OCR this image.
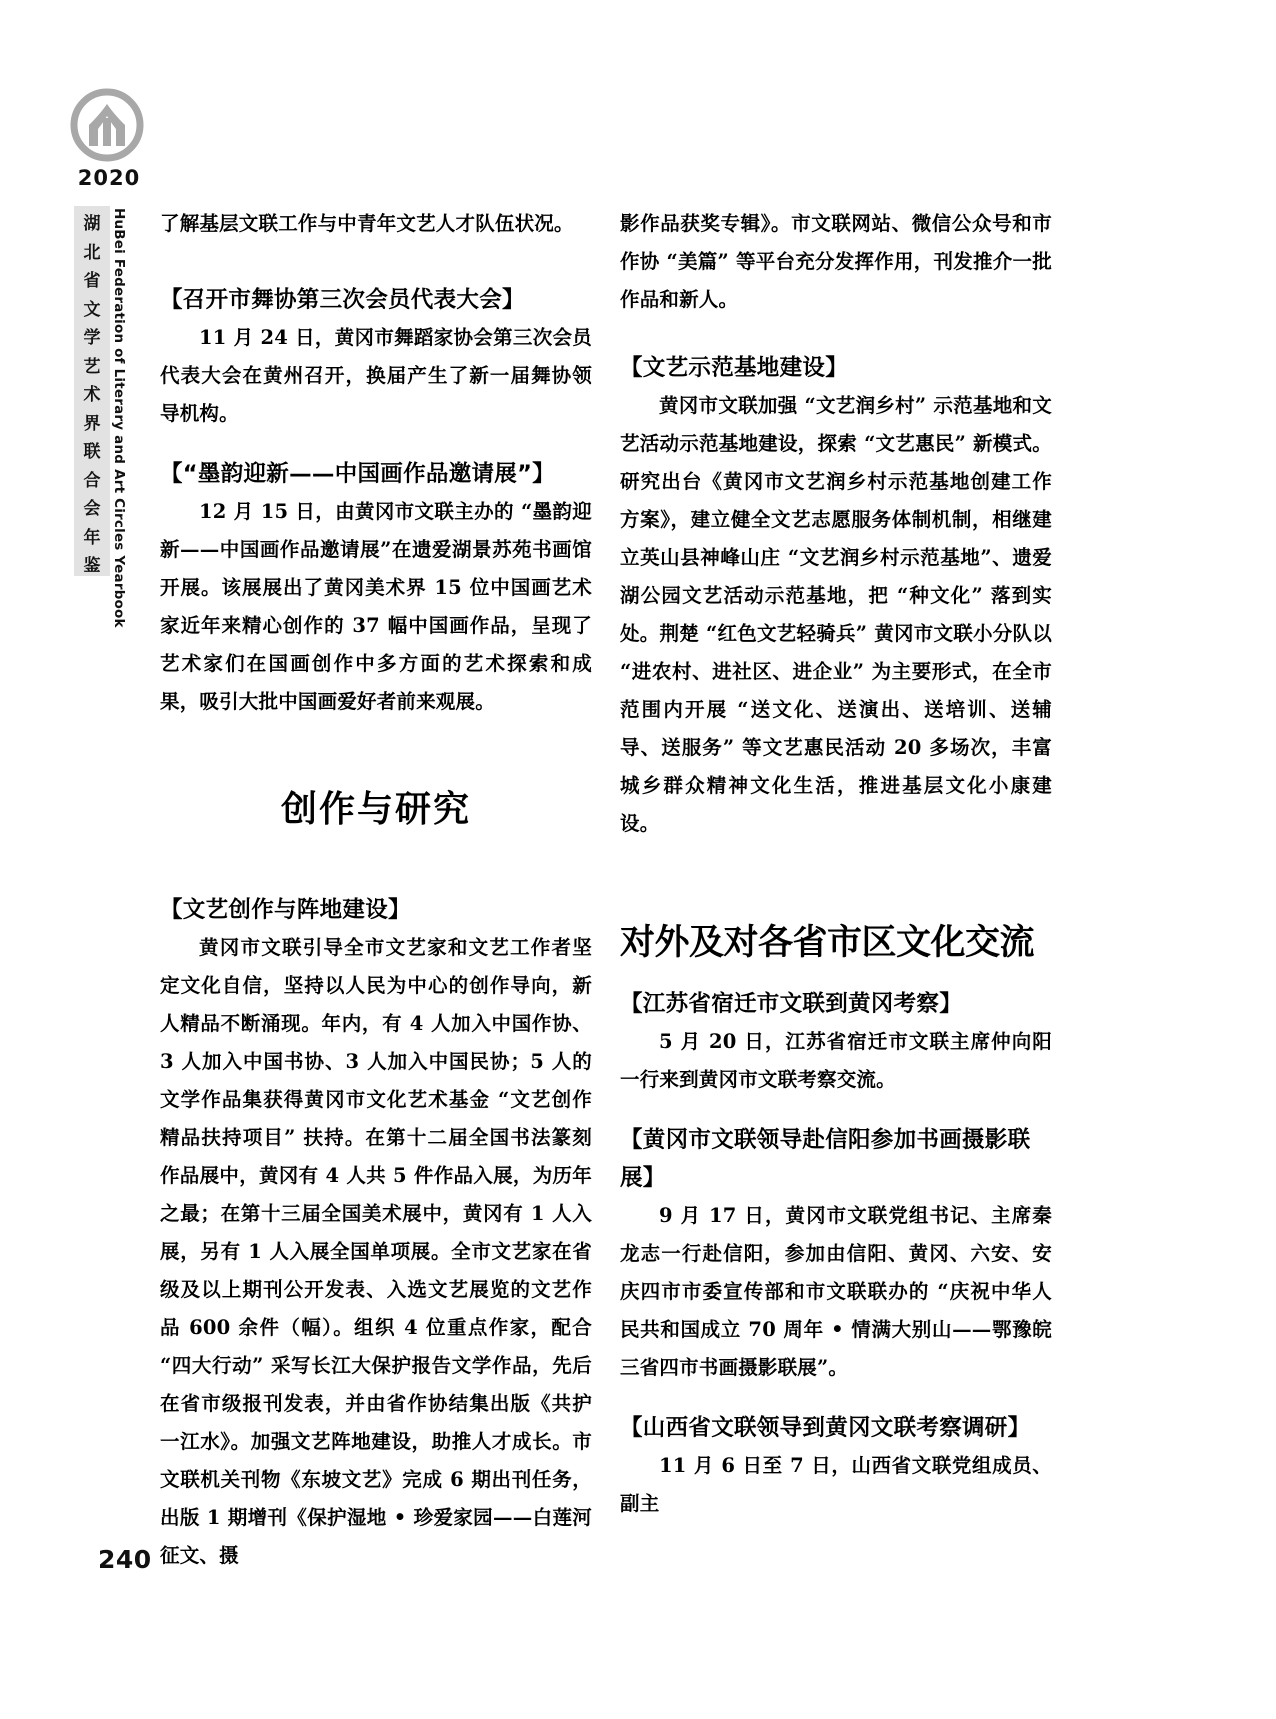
2020
湖
北
省
文
学
艺
术
界
联
合
会
年
鉴 HuBei Federation of Literary and Art Circles Yearbook 了解基层文联工作与中青年文艺人才队伍状况。

【召开市舞协第三次会员代表大会】

11 月 24 日，黄冈市舞蹈家协会第三次会员代表大会在黄州召开，换届产生了新一届舞协领导机构。

【“墨韵迎新——中国画作品邀请展”】

12 月 15 日，由黄冈市文联主办的 “墨韵迎新——中国画作品邀请展”在遗爱湖景苏苑书画馆开展。该展展出了黄冈美术界 15 位中国画艺术家近年来精心创作的 37 幅中国画作品，呈现了艺术家们在国画创作中多方面的艺术探索和成果，吸引大批中国画爱好者前来观展。

创作与研究
【文艺创作与阵地建设】

黄冈市文联引导全市文艺家和文艺工作者坚定文化自信，坚持以人民为中心的创作导向，新人精品不断涌现。年内，有 4 人加入中国作协、3 人加入中国书协、3 人加入中国民协；5 人的文学作品集获得黄冈市文化艺术基金 “文艺创作精品扶持项目” 扶持。在第十二届全国书法篆刻作品展中，黄冈有 4 人共 5 件作品入展，为历年之最；在第十三届全国美术展中，黄冈有 1 人入展，另有 1 人入展全国单项展。全市文艺家在省级及以上期刊公开发表、入选文艺展览的文艺作品 600 余件（幅）。组织 4 位重点作家，配合 “四大行动” 采写长江大保护报告文学作品，先后在省市级报刊发表，并由省作协结集出版《共护一江水》。加强文艺阵地建设，助推人才成长。市文联机关刊物《东坡文艺》完成 6 期出刊任务，出版 1 期增刊《保护湿地 • 珍爱家园——白莲河征文、摄

影作品获奖专辑》。市文联网站、微信公众号和市作协 “美篇” 等平台充分发挥作用，刊发推介一批作品和新人。

【文艺示范基地建设】

黄冈市文联加强 “文艺润乡村” 示范基地和文艺活动示范基地建设，探索 “文艺惠民” 新模式。研究出台《黄冈市文艺润乡村示范基地创建工作方案》，建立健全文艺志愿服务体制机制，相继建立英山县神峰山庄 “文艺润乡村示范基地”、遗爱湖公园文艺活动示范基地，把 “种文化” 落到实处。荆楚 “红色文艺轻骑兵” 黄冈市文联小分队以 “进农村、进社区、进企业” 为主要形式，在全市范围内开展 “送文化、送演出、送培训、送辅导、送服务” 等文艺惠民活动 20 多场次，丰富城乡群众精神文化生活，推进基层文化小康建设。

对外及对各省市区文化交流
【江苏省宿迁市文联到黄冈考察】

5 月 20 日，江苏省宿迁市文联主席仲向阳一行来到黄冈市文联考察交流。

【黄冈市文联领导赴信阳参加书画摄影联展】

9 月 17 日，黄冈市文联党组书记、主席秦龙志一行赴信阳，参加由信阳、黄冈、六安、安庆四市市委宣传部和市文联联办的 “庆祝中华人民共和国成立 70 周年 • 情满大别山——鄂豫皖三省四市书画摄影联展”。

【山西省文联领导到黄冈文联考察调研】

11 月 6 日至 7 日，山西省文联党组成员、副主

240
